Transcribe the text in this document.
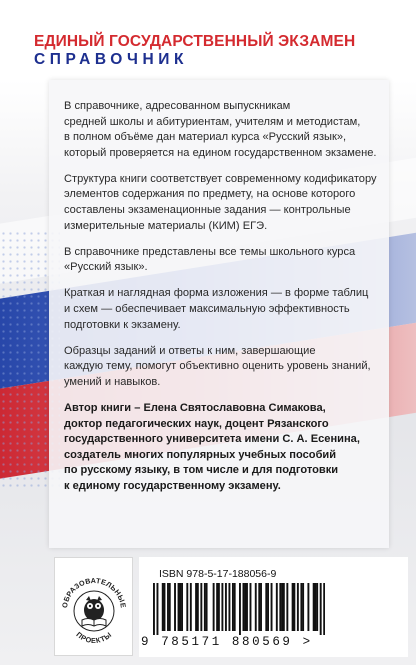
ЕДИНЫЙ ГОСУДАРСТВЕННЫЙ ЭКЗАМЕН
СПРАВОЧНИК

В справочнике, адресованном выпускникам
средней школы и абитуриентам, учителям и методистам,
в полном объёме дан материал курса «Русский язык»,
который проверяется на едином государственном экзамене.

Структура книги соответствует современному кодификатору
элементов содержания по предмету, на основе которого
составлены экзаменационные задания — контрольные
измерительные материалы (КИМ) ЕГЭ.

В справочнике представлены все темы школьного курса
«Русский язык».

Краткая и наглядная форма изложения — в форме таблиц
и схем — обеспечивает максимальную эффективность
подготовки к экзамену.

Образцы заданий и ответы к ним, завершающие
каждую тему, помогут объективно оценить уровень знаний,
умений и навыков.

Автор книги – Елена Святославовна Симакова,
доктор педагогических наук, доцент Рязанского
государственного университета имени С. А. Есенина,
создатель многих популярных учебных пособий
по русскому языку, в том числе и для подготовки
к единому государственному экзамену.

ОБРАЗОВАТЕЛЬНЫЕ
ПРОЕКТЫ
ISBN 978-5-17-188056-9
9 785171 880569 >
